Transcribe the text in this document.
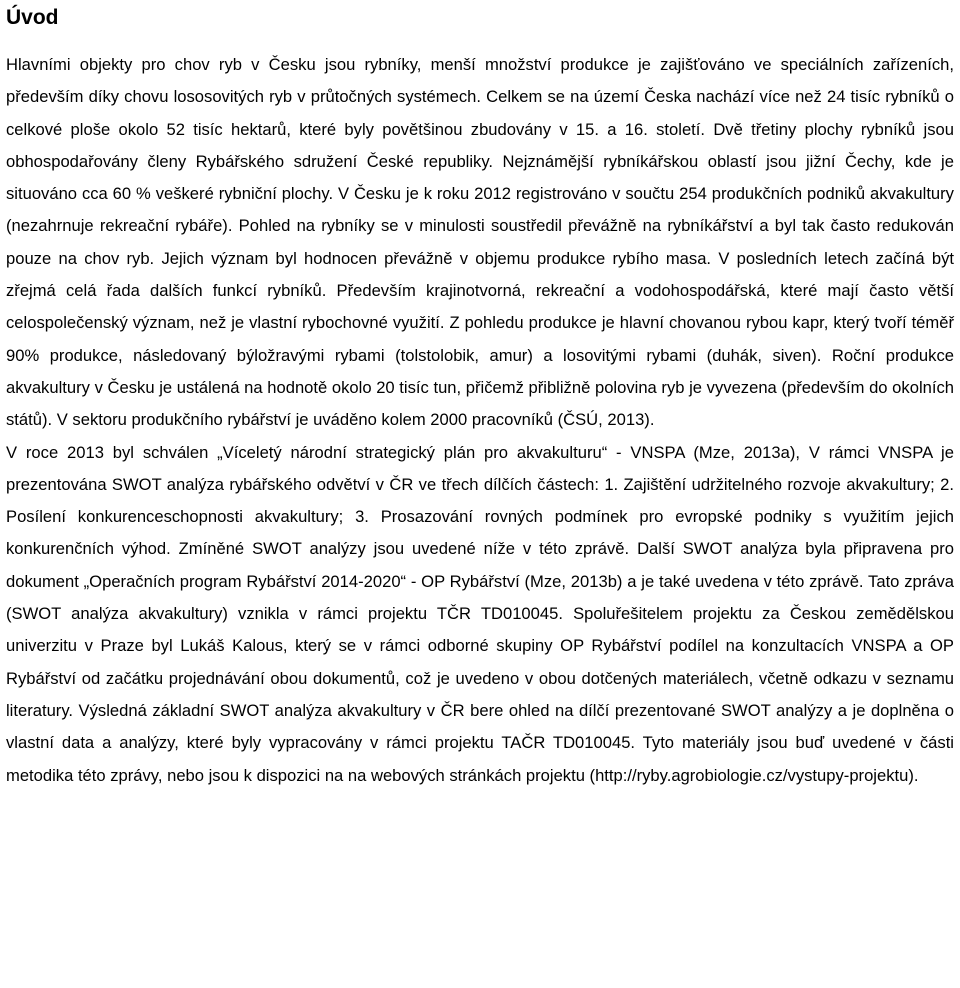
Úvod

Hlavními objekty pro chov ryb v Česku jsou rybníky, menší množství produkce je zajišťováno ve speciálních zařízeních, především díky chovu lososovitých ryb v průtočných systémech. Celkem se na území Česka nachází více než 24 tisíc rybníků o celkové ploše okolo 52 tisíc hektarů, které byly povětšinou zbudovány v 15. a 16. století. Dvě třetiny plochy rybníků jsou obhospodařovány členy Rybářského sdružení České republiky. Nejznámější rybníkářskou oblastí jsou jižní Čechy, kde je situováno cca 60 % veškeré rybniční plochy. V Česku je k roku 2012 registrováno v součtu 254 produkčních podniků akvakultury (nezahrnuje rekreační rybáře). Pohled na rybníky se v minulosti soustředil převážně na rybníkářství a byl tak často redukován pouze na chov ryb. Jejich význam byl hodnocen převážně v objemu produkce rybího masa. V posledních letech začíná být zřejmá celá řada dalších funkcí rybníků. Především krajinotvorná, rekreační a vodohospodářská, které mají často větší celospolečenský význam, než je vlastní rybochovné využití. Z pohledu produkce je hlavní chovanou rybou kapr, který tvoří téměř 90% produkce, následovaný býložravými rybami (tolstolobik, amur) a losovitými rybami (duhák, siven). Roční produkce akvakultury v Česku je ustálená na hodnotě okolo 20 tisíc tun, přičemž přibližně polovina ryb je vyvezena (především do okolních států). V sektoru produkčního rybářství je uváděno kolem 2000 pracovníků (ČSÚ, 2013).

V roce 2013 byl schválen „Víceletý národní strategický plán pro akvakulturu“ - VNSPA (Mze, 2013a), V rámci VNSPA je prezentována SWOT analýza rybářského odvětví v ČR ve třech dílčích částech: 1. Zajištění udržitelného rozvoje akvakultury; 2. Posílení konkurenceschopnosti akvakultury; 3. Prosazování rovných podmínek pro evropské podniky s využitím jejich konkurenčních výhod. Zmíněné SWOT analýzy jsou uvedené níže v této zprávě. Další SWOT analýza byla připravena pro dokument „Operačních program Rybářství 2014-2020“ - OP Rybářství (Mze, 2013b) a je také uvedena v této zprávě. Tato zpráva (SWOT analýza akvakultury) vznikla v rámci projektu TČR TD010045. Spoluřešitelem projektu za Českou zemědělskou univerzitu v Praze byl Lukáš Kalous, který se v rámci odborné skupiny OP Rybářství podílel na konzultacích VNSPA a OP Rybářství od začátku projednávání obou dokumentů, což je uvedeno v obou dotčených materiálech, včetně odkazu v seznamu literatury. Výsledná základní SWOT analýza akvakultury v ČR bere ohled na dílčí prezentované SWOT analýzy a je doplněna o vlastní data a analýzy, které byly vypracovány v rámci projektu TAČR TD010045. Tyto materiály jsou buď uvedené v části metodika této zprávy, nebo jsou k dispozici na na webových stránkách projektu (http://ryby.agrobiologie.cz/vystupy-projektu).
